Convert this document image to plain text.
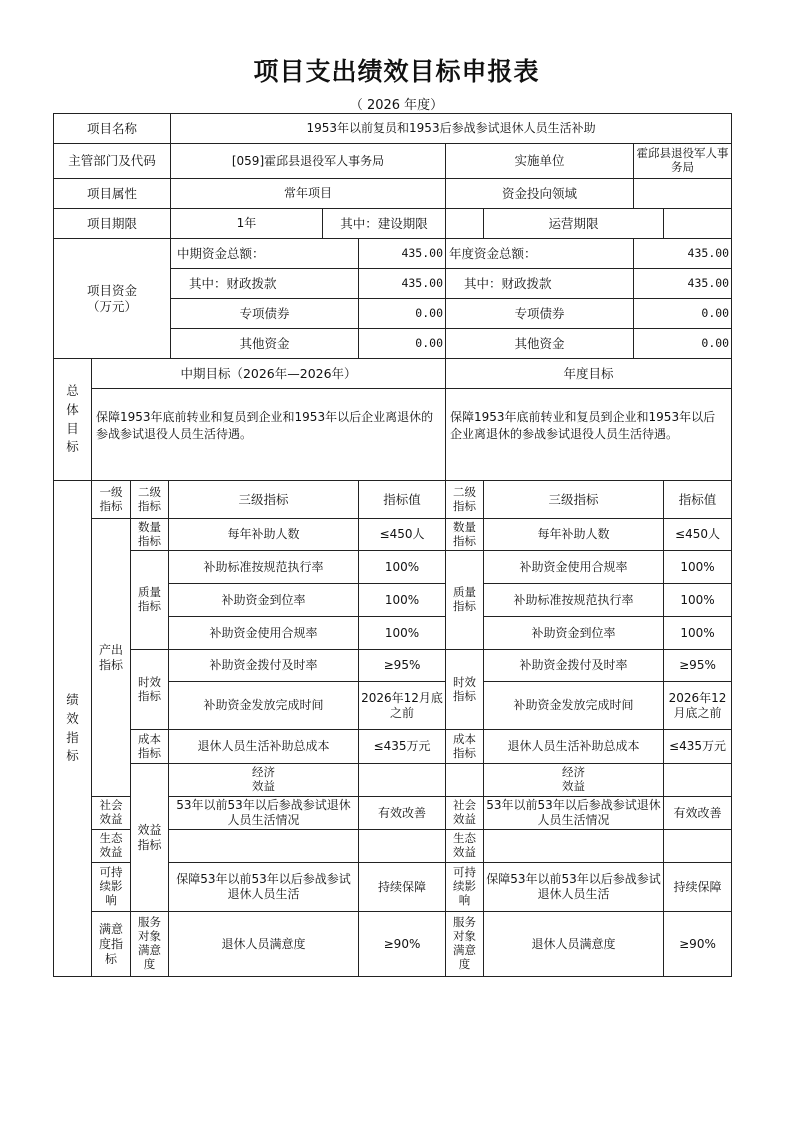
项目支出绩效目标申报表
（ 2026 年度）
项目名称	1953年以前复员和1953后参战参试退休人员生活补助						
主管部门及代码	[059]霍邱县退役军人事务局			实施单位		霍邱县退役军人事务局	
项目属性	常年项目			资金投向领域			
项目期限	1年	其中：建设期限			运营期限		
项目资金
（万元）	中期资金总额：		435.00	年度资金总额：		435.00	
	其中：财政拨款		435.00	其中：财政拨款		435.00	
	专项债券		0.00	专项债券		0.00	
	其他资金		0.00	其他资金		0.00	
总体目标	中期目标（2026年—2026年）	年度目标
	保障1953年底前转业和复员到企业和1953年以后企业离退休的参战参试退役人员生活待遇。	保障1953年底前转业和复员到企业和1953年以后企业离退休的参战参试退役人员生活待遇。
绩效指标	一级指标	二级指标	三级指标	指标值	二级指标	三级指标	指标值	

	产出指标	数量指标	每年补助人数	≤450人	数量指标	每年补助人数	≤450人	

		质量指标	补助标准按规范执行率	100%	质量指标	补助资金使用合规率	100%	
			补助资金到位率	100%		补助标准按规范执行率	100%	
			补助资金使用合规率	100%		补助资金到位率	100%	

		时效指标	补助资金拨付及时率	≥95%	时效指标	补助资金拨付及时率	≥95%	
			补助资金发放完成时间	2026年12月底之前		补助资金发放完成时间	2026年12月底之前	

		成本指标	退休人员生活补助总成本	≤435万元	成本指标	退休人员生活补助总成本	≤435万元	

		效益指标	经济效益			经济效益		

	社会效益		53年以前53年以后参战参试退休人员生活情况	有效改善	社会效益	53年以前53年以后参战参试退休人员生活情况	有效改善	

	生态效益				生态效益			

	可持续影响		保障53年以前53年以后参战参试退休人员生活	持续保障	可持续影响	保障53年以前53年以后参战参试退休人员生活	持续保障	

	满意度指标	服务对象满意度	退休人员满意度	≥90%	服务对象满意度	退休人员满意度	≥90%	
